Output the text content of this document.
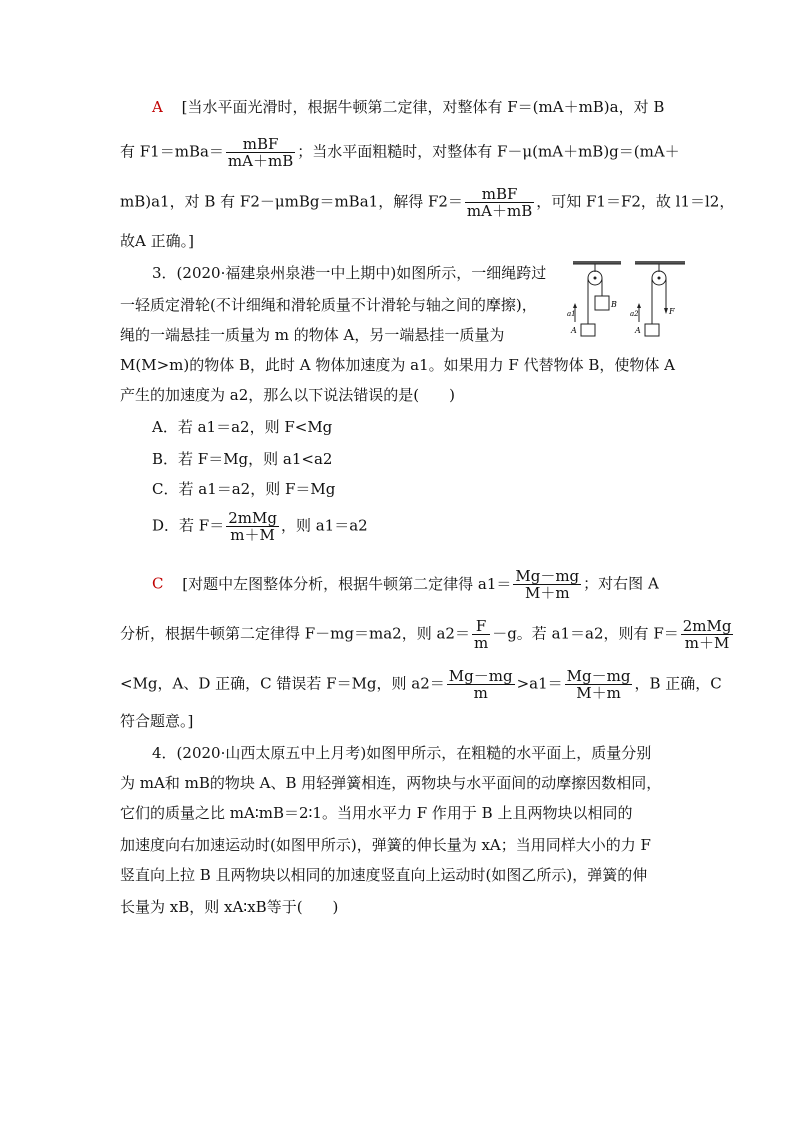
A [当水平面光滑时，根据牛顿第二定律，对整体有 F＝(mA＋mB)a，对 B
有 $F1=mBa= \frac{\text{mBF}}{mA+mB}$ ；当水平面粗糙时，对整体有 F－μ(mA＋mB)g＝(mA＋
mB)a1，对 B 有 F2－μmBg＝mBa1，解得 $F2= \frac{\text{mBF}}{mA+mB}$ ，可知 F1＝F2，故 l1＝l2，
故A 正确。]
3．(2020·福建泉州泉港一中上期中)如图所示，一细绳跨过
一轻质定滑轮(不计细绳和滑轮质量不计滑轮与轴之间的摩擦)，
绳的一端悬挂一质量为 m 的物体 A，另一端悬挂一质量为
M(M>m)的物体 B，此时 A 物体加速度为 a1。如果用力 F 代替物体 B，使物体 A
产生的加速度为 a2，那么以下说法错误的是(　　)
A．若 a1＝a2，则 F<Mg
B．若 F＝Mg，则 a1<a2
C．若 a1＝a2，则 F＝Mg
D．若 $F= \frac{\text{2mMg}}{m+M}$ ，则 a1＝a2
a1
A
B
a2
A
F
C [对题中左图整体分析，根据牛顿第二定律得 $a1= \frac{Mg-mg}{M+m}$ ；对右图 A
分析，根据牛顿第二定律得 F－mg＝ma2，则 $a2= \frac{F}{m} -g$。若 a1＝a2，则有 $F= \frac{\text{2mMg}}{m+M}$
<Mg，A、D 正确，C 错误若 F＝Mg，则 $a2= \frac{Mg-mg}{m} >a1= \frac{Mg-mg}{M+m}$ ，B 正确，C
符合题意。]
4．(2020·山西太原五中上月考)如图甲所示，在粗糙的水平面上，质量分别
为 mA和 mB的物块 A、B 用轻弹簧相连，两物块与水平面间的动摩擦因数相同，
它们的质量之比 mA∶mB＝2∶1。当用水平力 F 作用于 B 上且两物块以相同的
加速度向右加速运动时(如图甲所示)，弹簧的伸长量为 xA；当用同样大小的力 F
竖直向上拉 B 且两物块以相同的加速度竖直向上运动时(如图乙所示)，弹簧的伸
长量为 xB，则 xA∶xB等于(　　)
